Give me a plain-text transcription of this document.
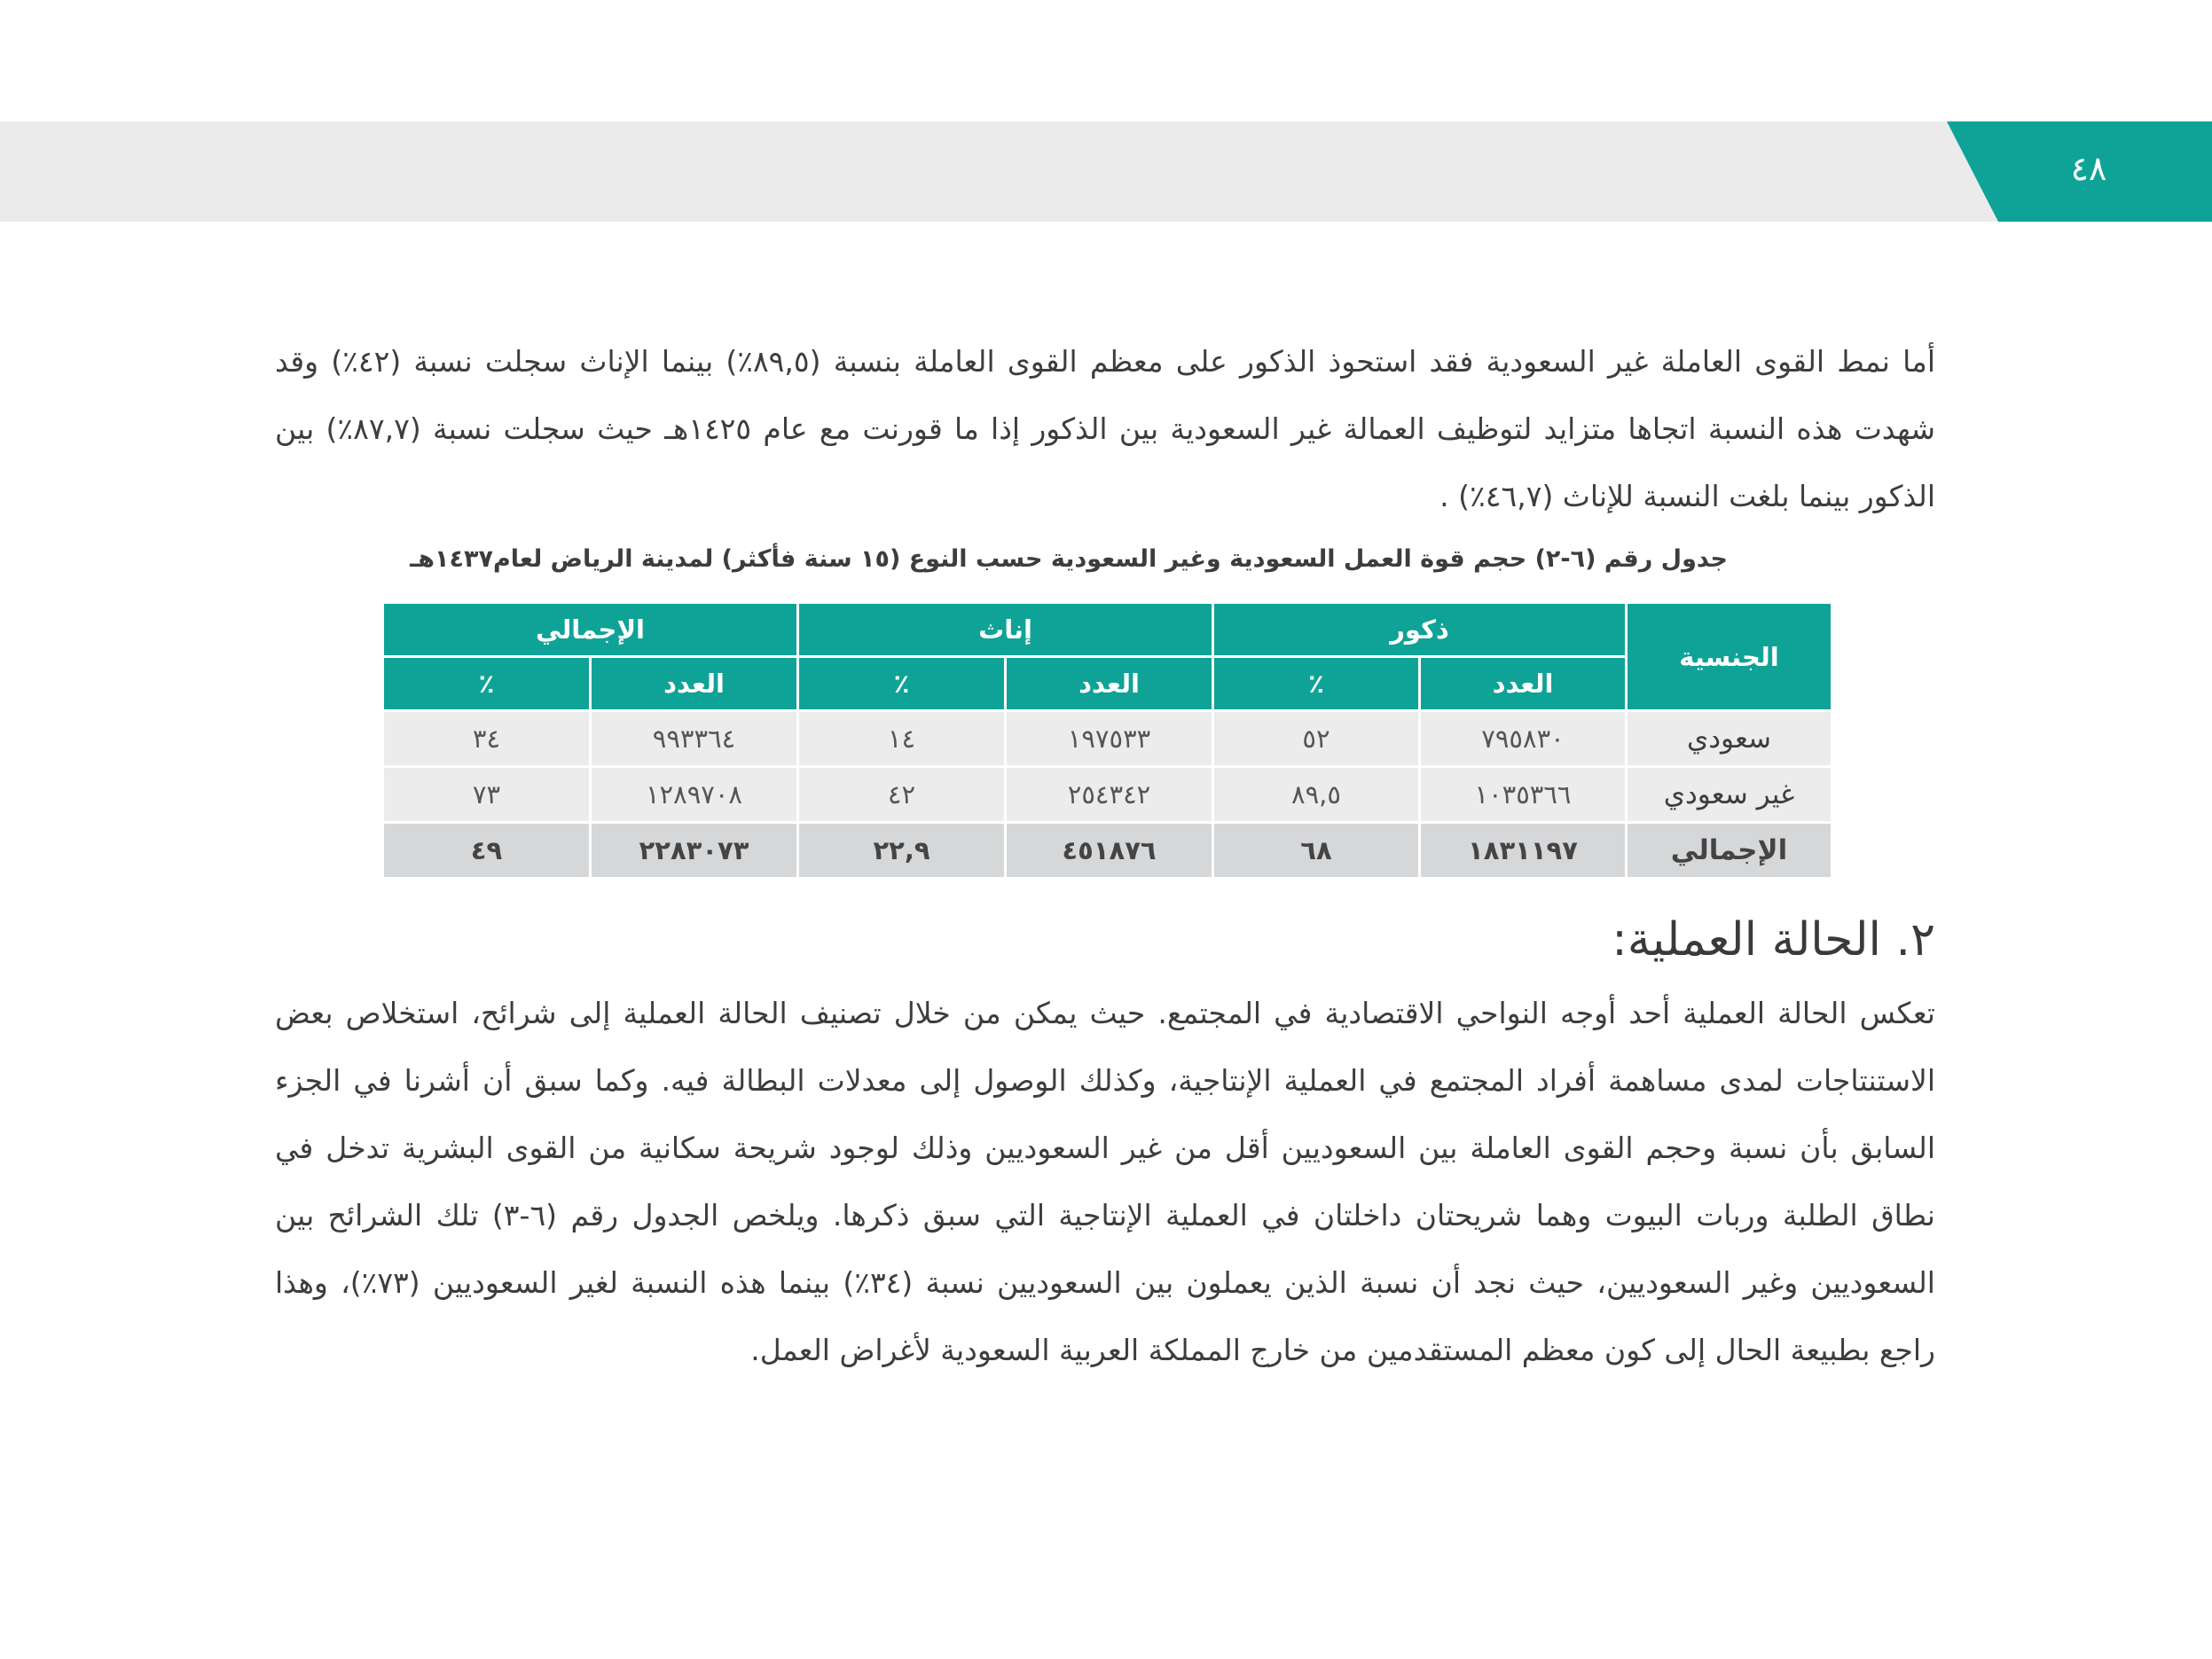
٤٨

أما نمط القوى العاملة غير السعودية فقد استحوذ الذكور على معظم القوى العاملة بنسبة (٨٩,٥٪) بينما الإناث سجلت نسبة (٤٢٪) وقد شهدت هذه النسبة اتجاها متزايد لتوظيف العمالة غير السعودية بين الذكور إذا ما قورنت مع عام ١٤٢٥هـ حيث سجلت نسبة (٨٧,٧٪) بين الذكور بينما بلغت النسبة للإناث (٤٦,٧٪) .

جدول رقم (٦-٢) حجم قوة العمل السعودية وغير السعودية حسب النوع (١٥ سنة فأكثر) لمدينة الرياض لعام١٤٣٧هـ
الجنسية	ذكور		إناث		الإجمالي	
	العدد	٪	العدد	٪	العدد	٪
سعودي	٧٩٥٨٣٠	٥٢	١٩٧٥٣٣	١٤	٩٩٣٣٦٤	٣٤
غير سعودي	١٠٣٥٣٦٦	٨٩,٥	٢٥٤٣٤٢	٤٢	١٢٨٩٧٠٨	٧٣
الإجمالي	١٨٣١١٩٧	٦٨	٤٥١٨٧٦	٢٢,٩	٢٢٨٣٠٧٣	٤٩
٢. الحالة العملية:

تعكس الحالة العملية أحد أوجه النواحي الاقتصادية في المجتمع. حيث يمكن من خلال تصنيف الحالة العملية إلى شرائح، استخلاص بعض الاستنتاجات لمدى مساهمة أفراد المجتمع في العملية الإنتاجية، وكذلك الوصول إلى معدلات البطالة فيه. وكما سبق أن أشرنا في الجزء السابق بأن نسبة وحجم القوى العاملة بين السعوديين أقل من غير السعوديين وذلك لوجود شريحة سكانية من القوى البشرية تدخل في نطاق الطلبة وربات البيوت وهما شريحتان داخلتان في العملية الإنتاجية التي سبق ذكرها. ويلخص الجدول رقم (٦-٣) تلك الشرائح بين السعوديين وغير السعوديين، حيث نجد أن نسبة الذين يعملون بين السعوديين نسبة (٣٤٪) بينما هذه النسبة لغير السعوديين (٧٣٪)، وهذا راجع بطبيعة الحال إلى كون معظم المستقدمين من خارج المملكة العربية السعودية لأغراض العمل.
